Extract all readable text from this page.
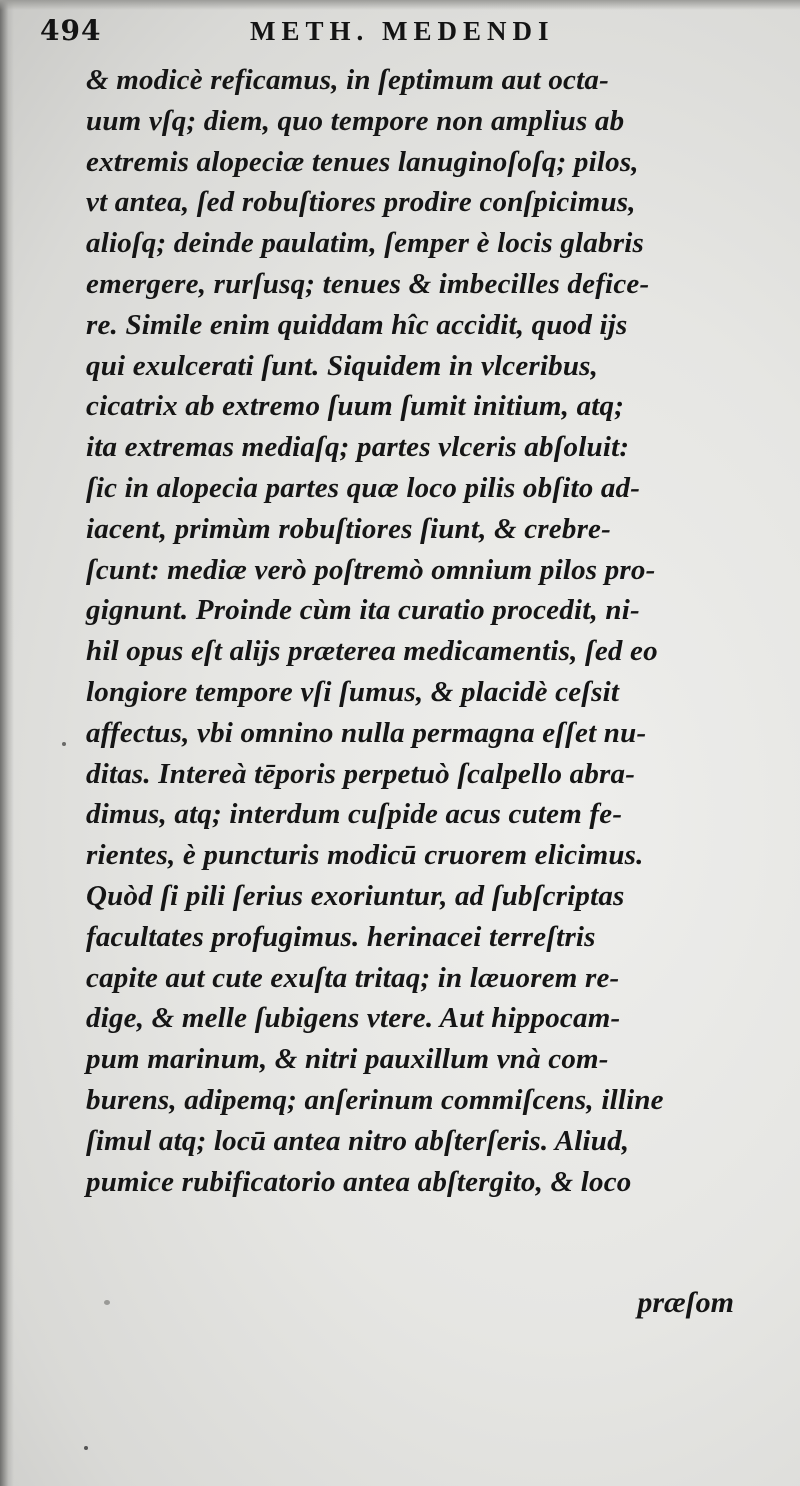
494	METH. MEDENDI
& modicè reficamus, in ſeptimum aut octa-
uum vſq; diem, quo tempore non amplius ab
extremis alopeciæ tenues lanuginoſoſq; pilos,
vt antea, ſed robuſtiores prodire conſpicimus,
alioſq; deinde paulatim, ſemper è locis glabris
emergere, rurſusq; tenues & imbecilles defice-
re. Simile enim quiddam hîc accidit, quod ijs
qui exulcerati ſunt. Siquidem in vlceribus,
cicatrix ab extremo ſuum ſumit initium, atq;
ita extremas mediaſq; partes vlceris abſoluit:
ſic in alopecia partes quæ loco pilis obſito ad-
iacent, primùm robuſtiores ſiunt, & crebre-
ſcunt: mediæ verò poſtremò omnium pilos pro-
gignunt. Proinde cùm ita curatio procedit, ni-
hil opus eſt alijs præterea medicamentis, ſed eo
longiore tempore vſi ſumus, & placidè ceſsit
affectus, vbi omnino nulla permagna eſſet nu-
ditas. Intereà tēporis perpetuò ſcalpello abra-
dimus, atq; interdum cuſpide acus cutem fe-
rientes, è puncturis modicū cruorem elicimus.
Quòd ſi pili ſerius exoriuntur, ad ſubſcriptas
facultates profugimus. herinacei terreſtris
capite aut cute exuſta tritaq; in læuorem re-
dige, & melle ſubigens vtere. Aut hippocam-
pum marinum, & nitri pauxillum vnà com-
burens, adipemq; anſerinum commiſcens, illine
ſimul atq; locū antea nitro abſterſeris. Aliud,
pumice rubificatorio antea abſtergito, & loco
præſom
